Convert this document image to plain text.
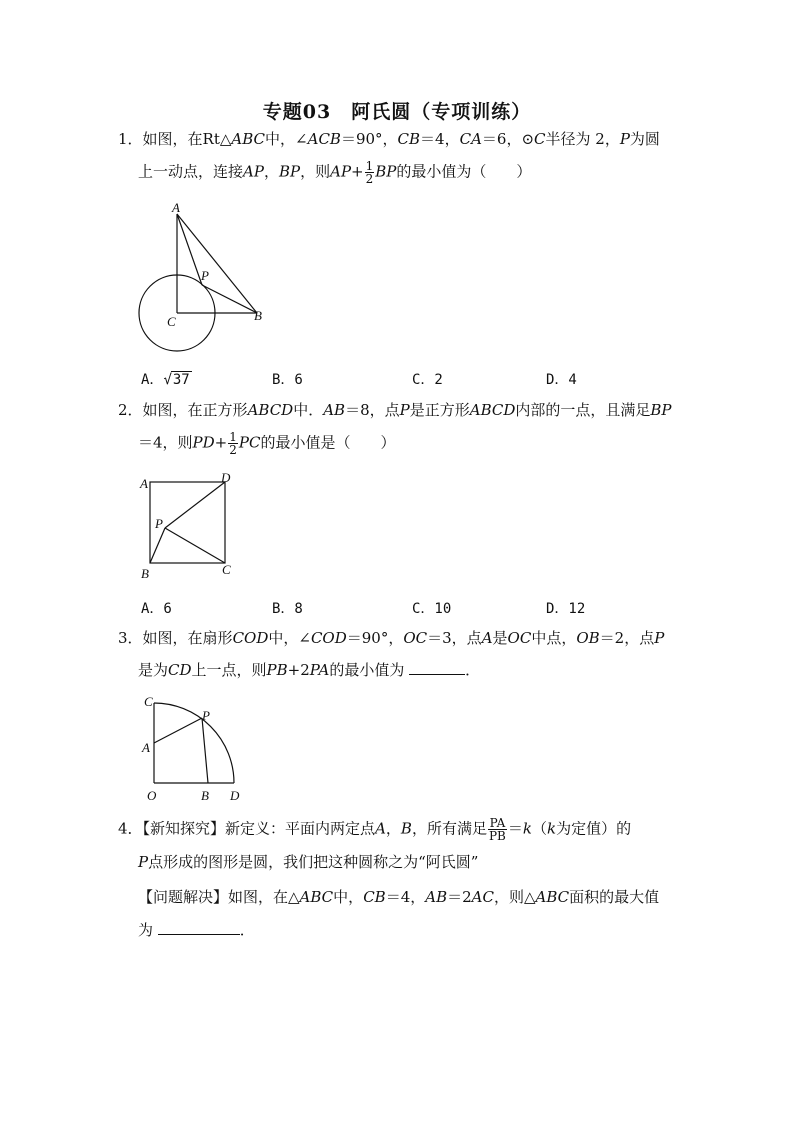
专题03　阿氏圆（专项训练）
1．如图，在Rt△ABC中，∠ACB＝90°，CB＝4，CA＝6，⊙C半径为 2，P为圆
上一动点，连接AP，BP，则$AP+ \frac{1}{2}$ BP的最小值为（　　）
A
P
C	B
A．√37	B．6	C．2	D．4
2．如图，在正方形ABCD中．AB＝8，点P是正方形ABCD内部的一点，且满足BP
＝4，则$PD+ \frac{1}{2}$ PC的最小值是（　　）
A	D
P
B	C
A．6	B．8	C．10	D．12
3．如图，在扇形COD中，∠COD＝90°，OC＝3，点A是OC中点，OB＝2，点P
是为CD上一点，则PB+2PA的最小值为	．
C
P
A
O	B D
4．【新知探究】新定义：平面内两定点A，B，所有满足 $\frac{PA}{PB} =k(k$为定值）的
P点形成的图形是圆，我们把这种圆称之为“阿氏圆”
【问题解决】如图，在△ABC中，CB＝4，AB＝2AC，则△ABC面积的最大值
为	．
